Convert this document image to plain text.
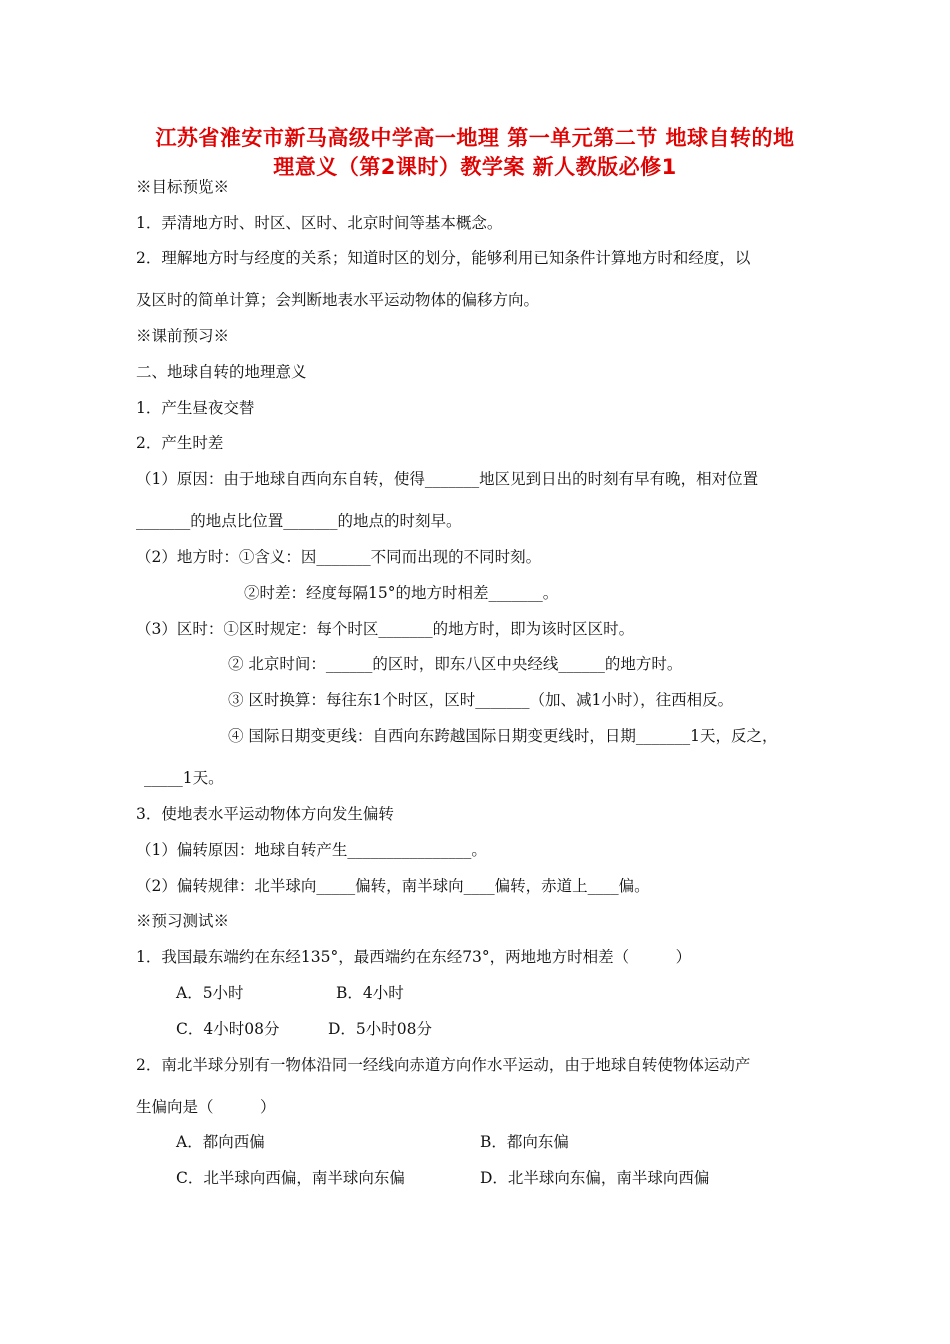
江苏省淮安市新马高级中学高一地理 第一单元第二节 地球自转的地
理意义（第2课时）教学案 新人教版必修1
※目标预览※
1．弄清地方时、时区、区时、北京时间等基本概念。
2．理解地方时与经度的关系；知道时区的划分，能够利用已知条件计算地方时和经度，以
及区时的简单计算；会判断地表水平运动物体的偏移方向。
※课前预习※
二、地球自转的地理意义
1．产生昼夜交替
2．产生时差
（1）原因：由于地球自西向东自转，使得_______地区见到日出的时刻有早有晚，相对位置
_______的地点比位置_______的地点的时刻早。
（2）地方时：①含义：因_______不同而出现的不同时刻。
②时差：经度每隔15°的地方时相差_______。
（3）区时：①区时规定：每个时区_______的地方时，即为该时区区时。
② 北京时间：______的区时，即东八区中央经线______的地方时。
③ 区时换算：每往东1个时区，区时_______（加、减1小时），往西相反。
④ 国际日期变更线：自西向东跨越国际日期变更线时，日期_______1天，反之，
_____1天。
3．使地表水平运动物体方向发生偏转
（1）偏转原因：地球自转产生________________。
（2）偏转规律：北半球向_____偏转，南半球向____偏转，赤道上____偏。
※预习测试※
1．我国最东端约在东经135°，最西端约在东经73°，两地地方时相差（　　　）
A．5小时	B．4小时
C．4小时08分	D．5小时08分
2．南北半球分别有一物体沿同一经线向赤道方向作水平运动，由于地球自转使物体运动产
生偏向是（　　　）
A．都向西偏	B．都向东偏
C．北半球向西偏，南半球向东偏	D．北半球向东偏，南半球向西偏
